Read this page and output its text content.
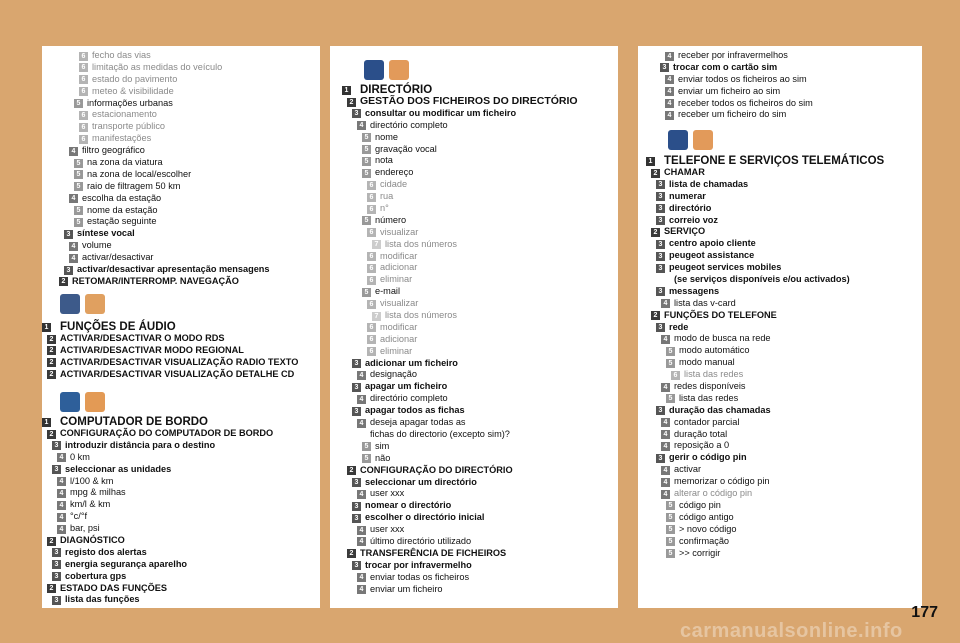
6 fecho das vias
6 limitação as medidas do veículo
6 estado do pavimento
6 meteo & visibilidade
5 informações urbanas
6 estacionamento
6 transporte público
6 manifestações
4 filtro geográfico
5 na zona da viatura
5 na zona de local/escolher
5 raio de filtragem 50 km
4 escolha da estação
5 nome da estação
5 estação seguinte
3 síntese vocal
4 volume
4 activar/desactivar
3 activar/desactivar apresentação mensagens
2 RETOMAR/INTERROMP. NAVEGAÇÃO
1 FUNÇÕES DE ÁUDIO
2 ACTIVAR/DESACTIVAR O MODO RDS
2 ACTIVAR/DESACTIVAR MODO REGIONAL
2 ACTIVAR/DESACTIVAR VISUALIZAÇÃO RADIO TEXTO
2 ACTIVAR/DESACTIVAR VISUALIZAÇÃO DETALHE CD
1 COMPUTADOR DE BORDO
2 CONFIGURAÇÃO DO COMPUTADOR DE BORDO
3 introduzir distância para o destino
4 0 km
3 seleccionar as unidades
4 l/100 & km
4 mpg & milhas
4 km/l & km
4 °c/°f
4 bar, psi
2 DIAGNÓSTICO
3 registo dos alertas
3 energia segurança aparelho
3 cobertura gps
2 ESTADO DAS FUNÇÕES
3 lista das funções
1 DIRECTÓRIO
2 GESTÃO DOS FICHEIROS DO DIRECTÓRIO
3 consultar ou modificar um ficheiro
4 directório completo
5 nome
5 gravação vocal
5 nota
5 endereço
6 cidade
6 rua
6 n°
5 número
6 visualizar
7 lista dos números
6 modificar
6 adicionar
6 eliminar
5 e-mail
6 visualizar
7 lista dos números
6 modificar
6 adicionar
6 eliminar
3 adicionar um ficheiro
4 designação
3 apagar um ficheiro
4 directório completo
3 apagar todos as fichas
4 deseja apagar todas as
fichas do directorio (excepto sim)?
5 sim
5 não
2 CONFIGURAÇÃO DO DIRECTÓRIO
3 seleccionar um directório
4 user xxx
3 nomear o directório
3 escolher o directório inicial
4 user xxx
4 último directório utilizado
2 TRANSFERÊNCIA DE FICHEIROS
3 trocar por infravermelho
4 enviar todas os ficheiros
4 enviar um ficheiro
4 receber por infravermelhos
3 trocar com o cartão sim
4 enviar todos os ficheiros ao sim
4 enviar um ficheiro ao sim
4 receber todos os ficheiros do sim
4 receber um ficheiro do sim
1 TELEFONE E SERVIÇOS TELEMÁTICOS
2 CHAMAR
3 lista de chamadas
3 numerar
3 directório
3 correio voz
2 SERVIÇO
3 centro apoio cliente
3 peugeot assistance
3 peugeot services mobiles
(se serviços disponíveis e/ou activados)
3 messagens
4 lista das v-card
2 FUNÇÕES DO TELEFONE
3 rede
4 modo de busca na rede
5 modo automático
5 modo manual
6 lista das redes
4 redes disponíveis
5 lista das redes
3 duração das chamadas
4 contador parcial
4 duração total
4 reposição a 0
3 gerir o código pin
4 activar
4 memorizar o código pin
4 alterar o código pin
5 código pin
5 código antigo
5 > novo código
5 confirmação
5 >> corrigir
177
carmanualsonline.info
